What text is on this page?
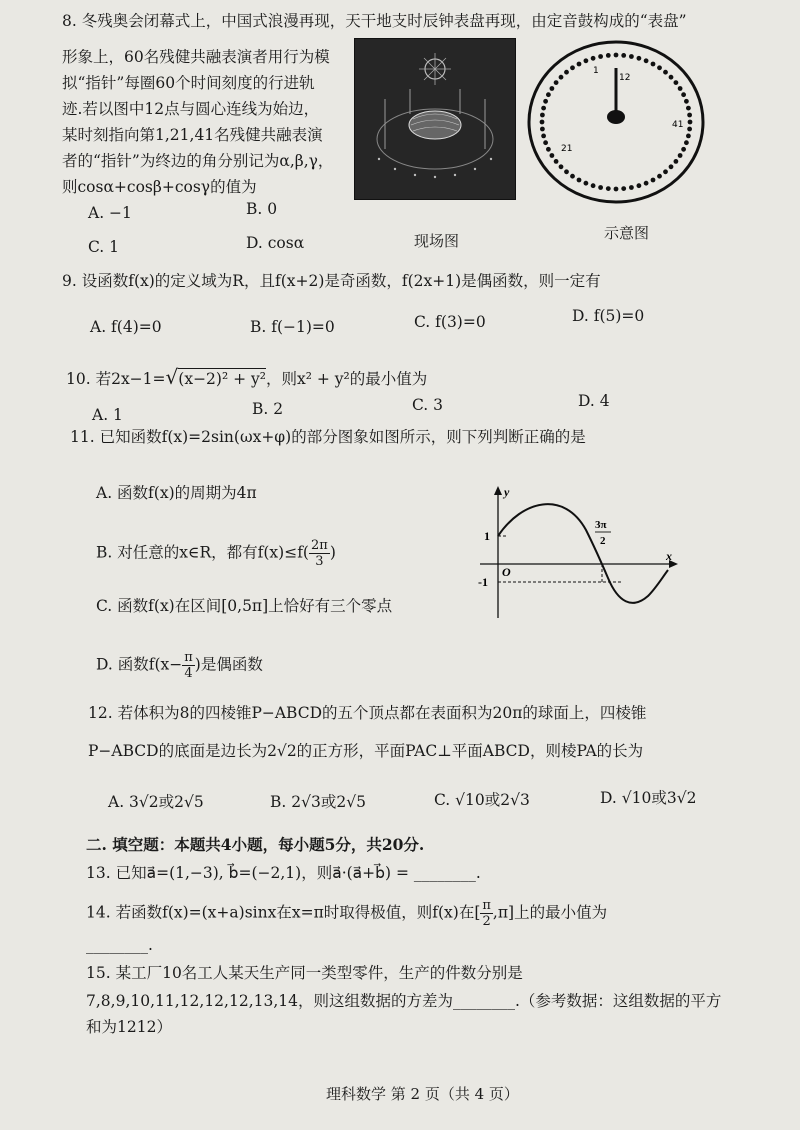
8. 冬残奥会闭幕式上，中国式浪漫再现，天干地支时辰钟表盘再现，由定音鼓构成的“表盘”
形象上，60名残健共融表演者用行为模
拟“指针”每圈60个时间刻度的行进轨
迹.若以图中12点与圆心连线为始边，
某时刻指向第1,21,41名残健共融表演
者的“指针”为终边的角分别记为α,β,γ，
则cosα+cosβ+cosγ的值为
A. −1	B. 0
C. 1	D. cosα	现场图
1
12
41
21
示意图
9. 设函数f(x)的定义域为R，且f(x+2)是奇函数，f(2x+1)是偶函数，则一定有
A. f(4)=0	B. f(−1)=0	C. f(3)=0	D. f(5)=0
10. 若2x−1=√(x−2)² + y²，则x² + y²的最小值为
A. 1	B. 2	C. 3	D. 4
11. 已知函数f(x)=2sin(ωx+φ)的部分图象如图所示，则下列判断正确的是
A. 函数f(x)的周期为4π
B. 对任意的x∈R，都有$f(x)\le f( \frac{2\pi}{3}$ )
C. 函数f(x)在区间[0,5π]上恰好有三个零点
D. 函数$f(x- \frac{\pi}{4}$ )是偶函数
y
x
1
-1
O
3π
2
12. 若体积为8的四棱锥P−ABCD的五个顶点都在表面积为20π的球面上，四棱锥
P−ABCD的底面是边长为2√2的正方形，平面PAC⊥平面ABCD，则棱PA的长为
A. 3√2或2√5	B. 2√3或2√5	C. √10或2√3	D. √10或3√2
二. 填空题：本题共4小题，每小题5分，共20分.
13. 已知a⃗=(1,−3), b⃗=(−2,1)，则a⃗·(a⃗+b⃗) = ________.
14. 若函数f(x)=(x+a)sinx在x=π时取得极值，则f(x)在[ $\frac{\pi}{2} ,\pi$]上的最小值为
________.
15. 某工厂10名工人某天生产同一类型零件，生产的件数分别是
7,8,9,10,11,12,12,12,13,14，则这组数据的方差为________.（参考数据：这组数据的平方
和为1212）
理科数学 第 2 页（共 4 页）
